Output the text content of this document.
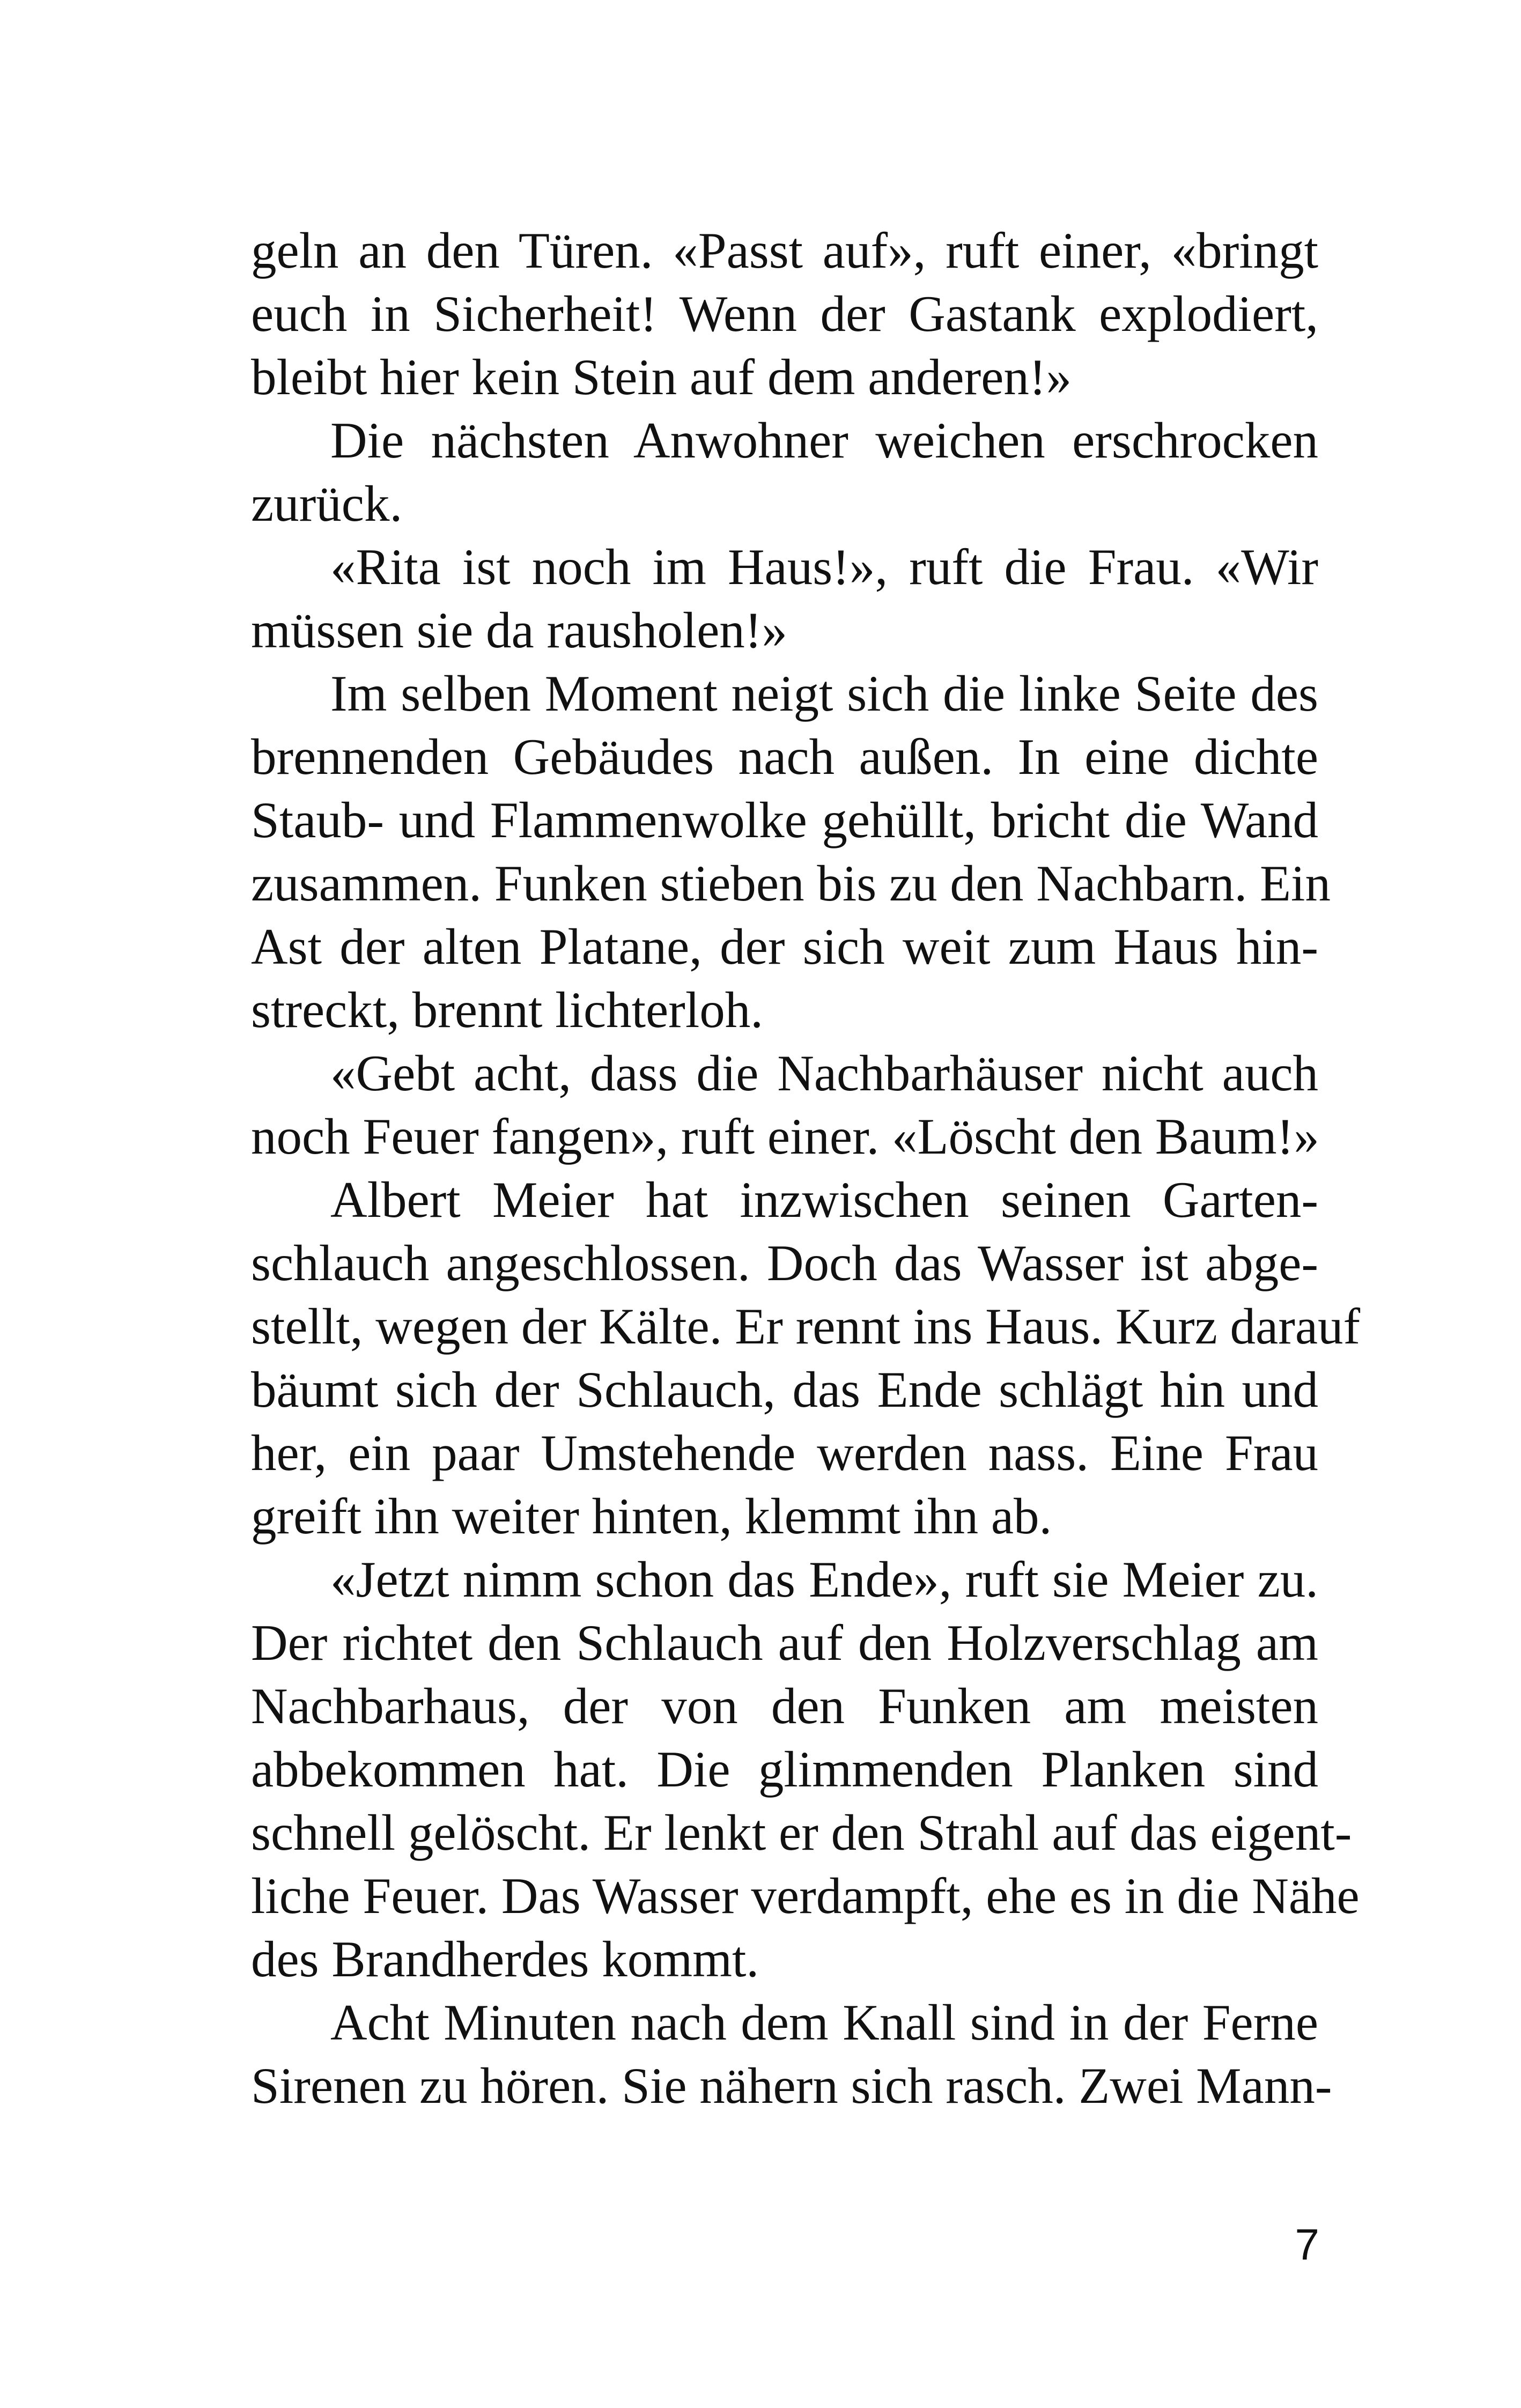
geln an den Türen. «Passt auf», ruft einer, «bringt
euch in Sicherheit! Wenn der Gastank explodiert,
bleibt hier kein Stein auf dem anderen!»
Die nächsten Anwohner weichen erschrocken
zurück.
«Rita ist noch im Haus!», ruft die Frau. «Wir
müssen sie da rausholen!»
Im selben Moment neigt sich die linke Seite des
brennenden Gebäudes nach außen. In eine dichte
Staub- und Flammenwolke gehüllt, bricht die Wand
zusammen. Funken stieben bis zu den Nachbarn. Ein
Ast der alten Platane, der sich weit zum Haus hin-
streckt, brennt lichterloh.
«Gebt acht, dass die Nachbarhäuser nicht auch
noch Feuer fangen», ruft einer. «Löscht den Baum!»
Albert Meier hat inzwischen seinen Garten-
schlauch angeschlossen. Doch das Wasser ist abge-
stellt, wegen der Kälte. Er rennt ins Haus. Kurz darauf
bäumt sich der Schlauch, das Ende schlägt hin und
her, ein paar Umstehende werden nass. Eine Frau
greift ihn weiter hinten, klemmt ihn ab.
«Jetzt nimm schon das Ende», ruft sie Meier zu.
Der richtet den Schlauch auf den Holzverschlag am
Nachbarhaus, der von den Funken am meisten
abbekommen hat. Die glimmenden Planken sind
schnell gelöscht. Er lenkt er den Strahl auf das eigent-
liche Feuer. Das Wasser verdampft, ehe es in die Nähe
des Brandherdes kommt.
Acht Minuten nach dem Knall sind in der Ferne
Sirenen zu hören. Sie nähern sich rasch. Zwei Mann-
7
